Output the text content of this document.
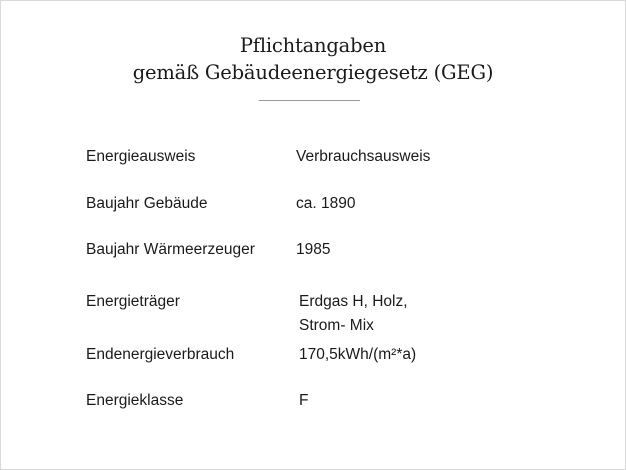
Pflichtangaben
gemäß Gebäudeenergiegesetz (GEG)
Energieausweis	Verbrauchsausweis
Baujahr Gebäude	ca. 1890
Baujahr Wärmeerzeuger	1985
Energieträger	Erdgas H, Holz,
Strom- Mix
Endenergieverbrauch	170,5kWh/(m²*a)
Energieklasse	F
